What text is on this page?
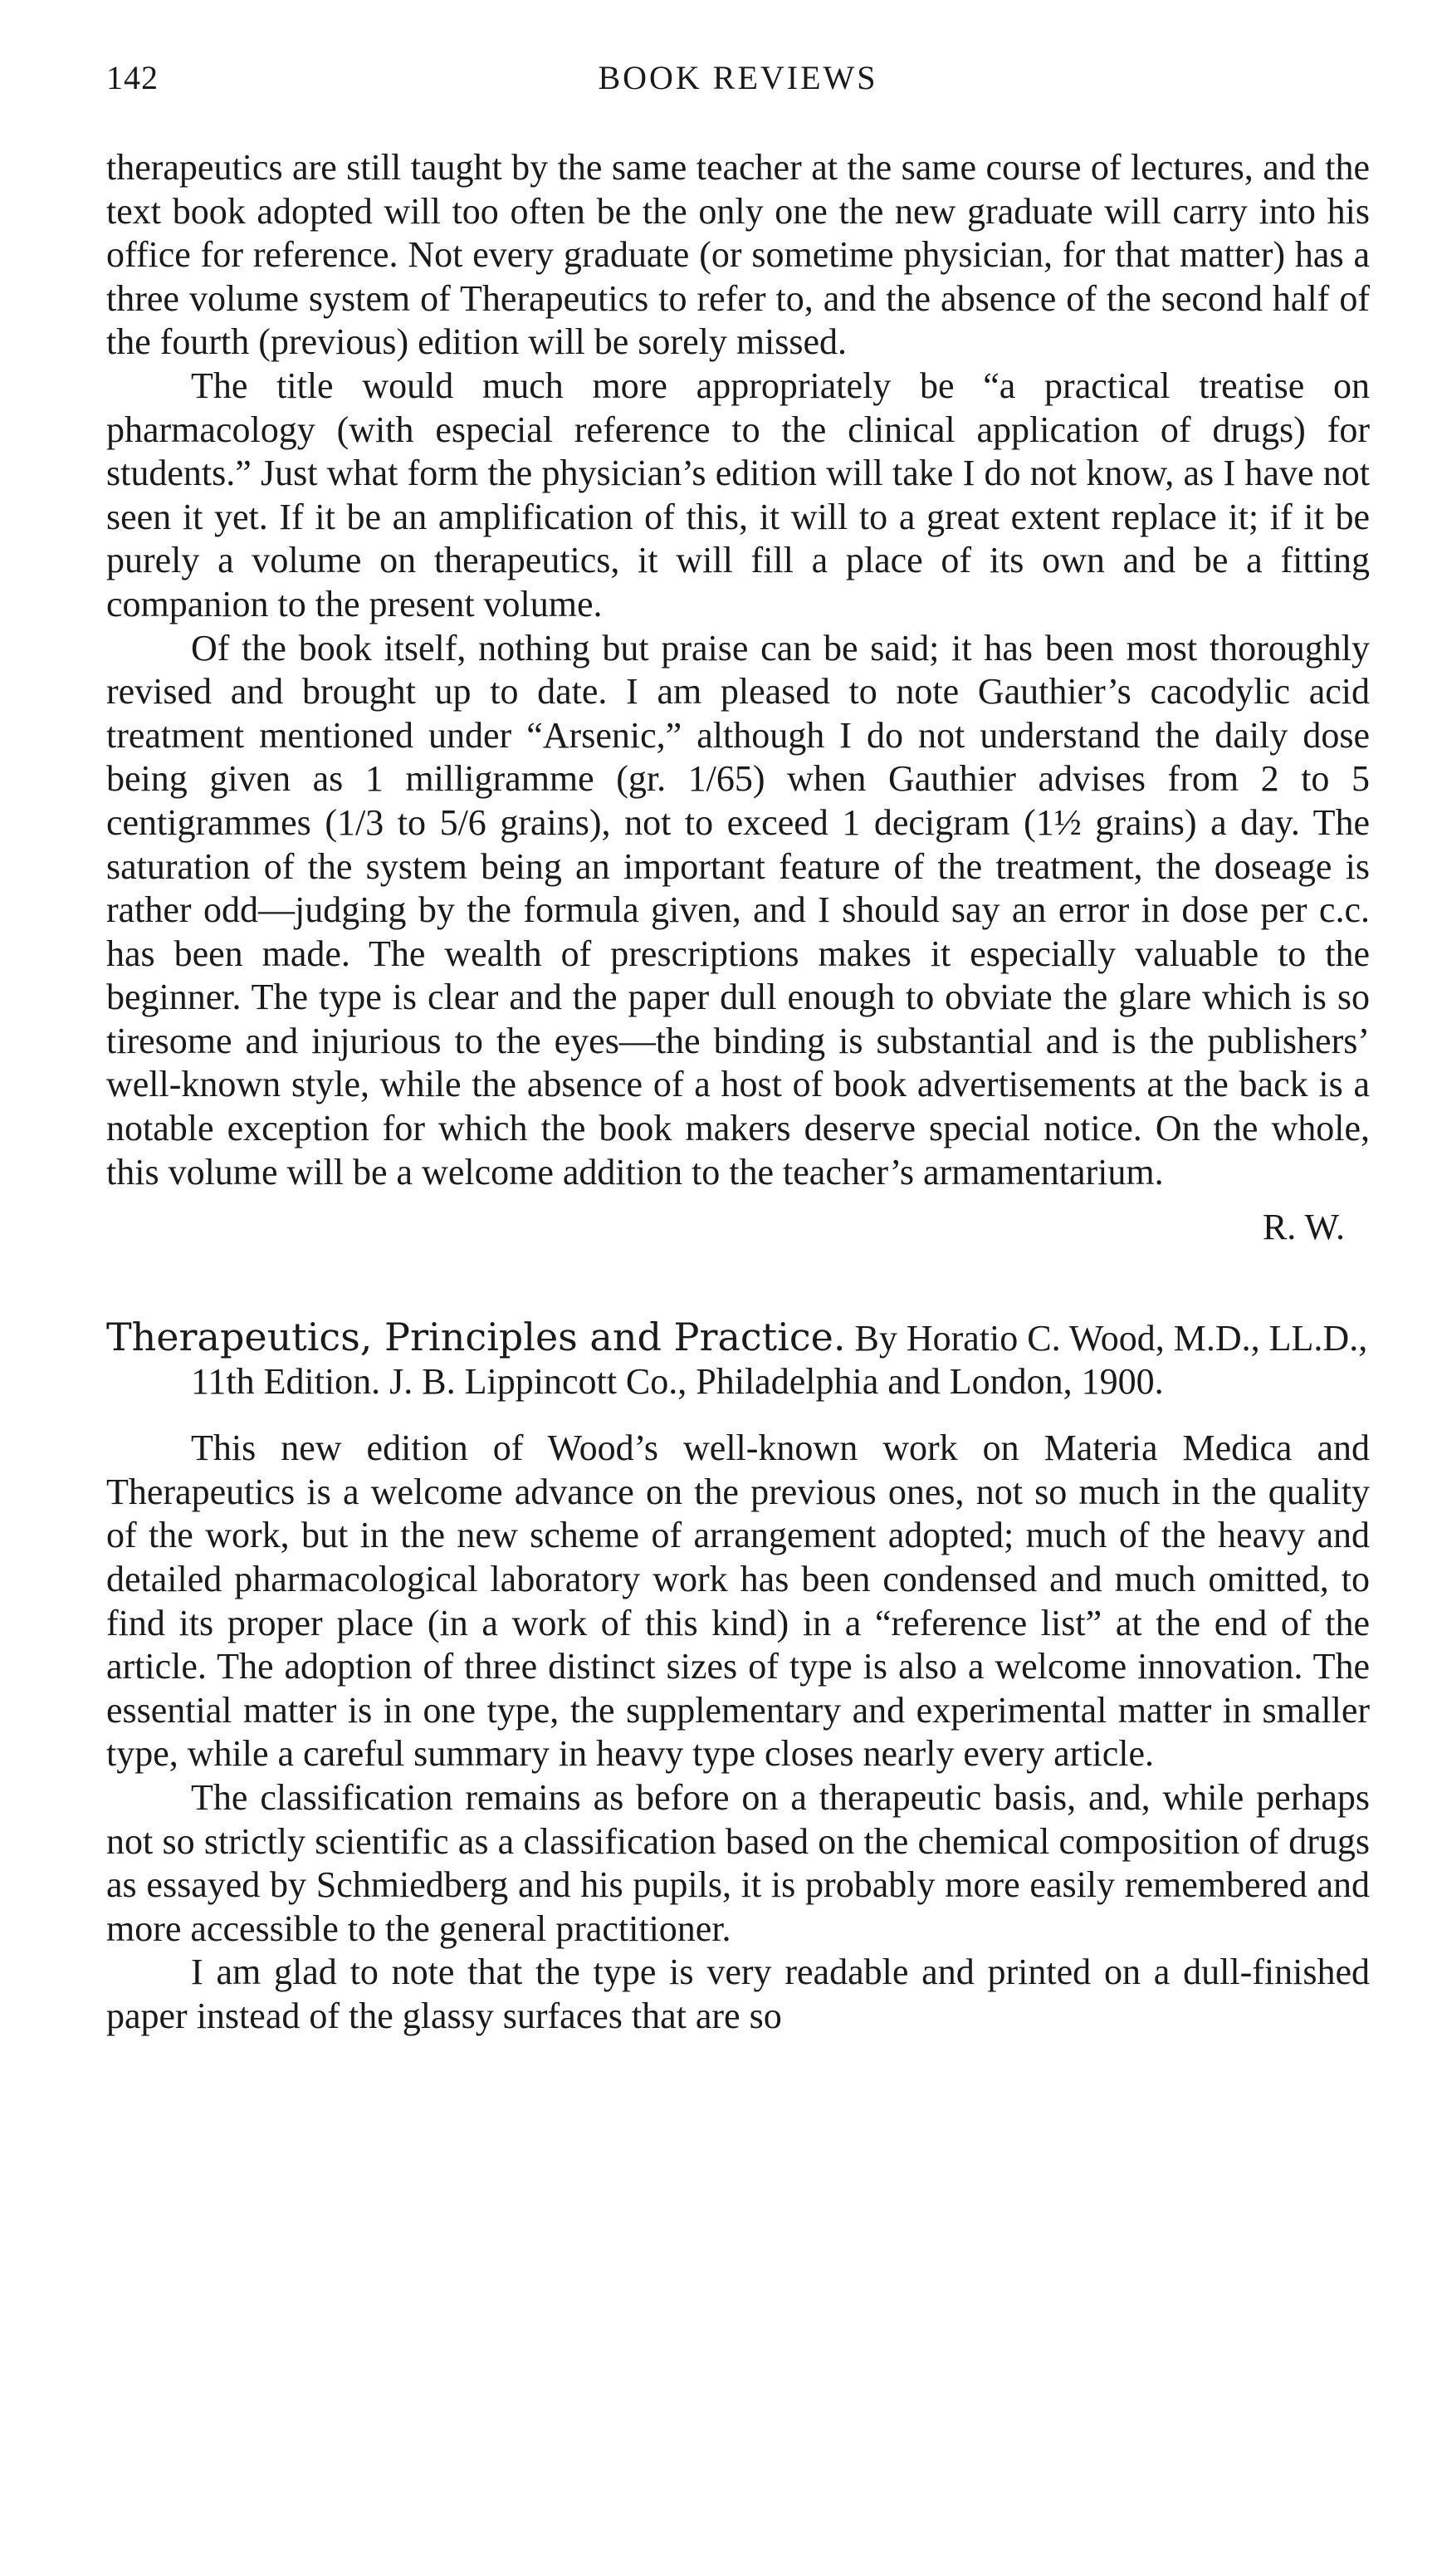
142	BOOK REVIEWS

therapeutics are still taught by the same teacher at the same course of lectures, and the text book adopted will too often be the only one the new graduate will carry into his office for reference. Not every graduate (or sometime physician, for that matter) has a three volume system of Therapeutics to refer to, and the absence of the second half of the fourth (previous) edition will be sorely missed.

The title would much more appropriately be “a practical treatise on pharmacology (with especial reference to the clinical application of drugs) for students.” Just what form the physician’s edition will take I do not know, as I have not seen it yet. If it be an amplification of this, it will to a great extent replace it; if it be purely a volume on therapeutics, it will fill a place of its own and be a fitting companion to the present volume.

Of the book itself, nothing but praise can be said; it has been most thoroughly revised and brought up to date. I am pleased to note Gauthier’s cacodylic acid treatment mentioned under “Arsenic,” although I do not understand the daily dose being given as 1 milligramme (gr. 1/65) when Gauthier advises from 2 to 5 centigrammes (1/3 to 5/6 grains), not to exceed 1 decigram (1½ grains) a day. The saturation of the system being an important feature of the treatment, the doseage is rather odd—judging by the formula given, and I should say an error in dose per c.c. has been made. The wealth of prescriptions makes it especially valuable to the beginner. The type is clear and the paper dull enough to obviate the glare which is so tiresome and injurious to the eyes—the binding is substantial and is the publishers’ well-known style, while the absence of a host of book advertisements at the back is a notable exception for which the book makers deserve special notice. On the whole, this volume will be a welcome addition to the teacher’s armamentarium.

R. W.
Therapeutics, Principles and Practice. By Horatio C. Wood, M.D., LL.D., 11th Edition. J. B. Lippincott Co., Philadelphia and London, 1900.

This new edition of Wood’s well-known work on Materia Medica and Therapeutics is a welcome advance on the previous ones, not so much in the quality of the work, but in the new scheme of arrangement adopted; much of the heavy and detailed pharmacological laboratory work has been condensed and much omitted, to find its proper place (in a work of this kind) in a “reference list” at the end of the article. The adoption of three distinct sizes of type is also a welcome innovation. The essential matter is in one type, the supplementary and experimental matter in smaller type, while a careful summary in heavy type closes nearly every article.

The classification remains as before on a therapeutic basis, and, while perhaps not so strictly scientific as a classification based on the chemical composition of drugs as essayed by Schmiedberg and his pupils, it is probably more easily remembered and more accessible to the general practitioner.

I am glad to note that the type is very readable and printed on a dull-finished paper instead of the glassy surfaces that are so
